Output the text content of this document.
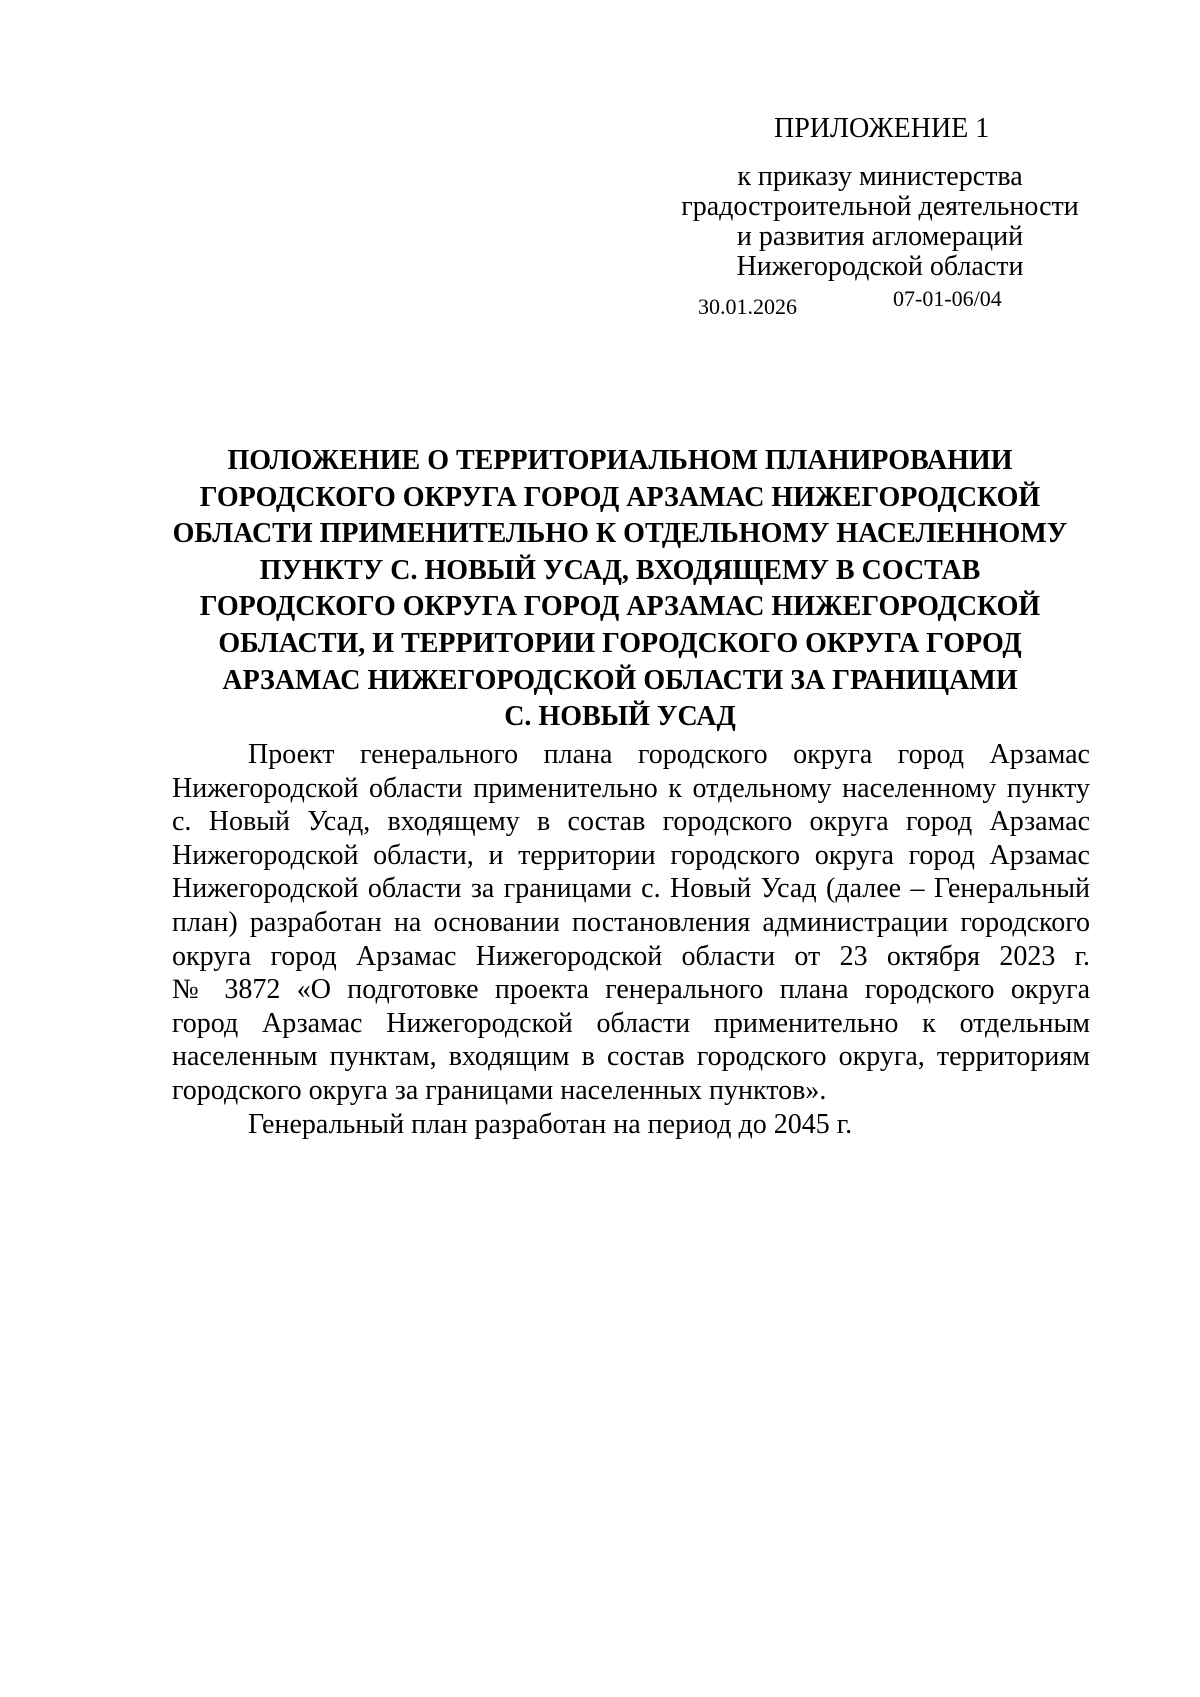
ПРИЛОЖЕНИЕ 1
к приказу министерства
градостроительной деятельности
и развития агломераций
Нижегородской области
30.01.2026	07-01-06/04
ПОЛОЖЕНИЕ О ТЕРРИТОРИАЛЬНОМ ПЛАНИРОВАНИИ
ГОРОДСКОГО ОКРУГА ГОРОД АРЗАМАС НИЖЕГОРОДСКОЙ
ОБЛАСТИ ПРИМЕНИТЕЛЬНО К ОТДЕЛЬНОМУ НАСЕЛЕННОМУ
ПУНКТУ С. НОВЫЙ УСАД, ВХОДЯЩЕМУ В СОСТАВ
ГОРОДСКОГО ОКРУГА ГОРОД АРЗАМАС НИЖЕГОРОДСКОЙ
ОБЛАСТИ, И ТЕРРИТОРИИ ГОРОДСКОГО ОКРУГА ГОРОД
АРЗАМАС НИЖЕГОРОДСКОЙ ОБЛАСТИ ЗА ГРАНИЦАМИ
С. НОВЫЙ УСАД
Проект генерального плана городского округа город Арзамас
Нижегородской области применительно к отдельному населенному пункту
с. Новый Усад, входящему в состав городского округа город Арзамас
Нижегородской области, и территории городского округа город Арзамас
Нижегородской области за границами с. Новый Усад (далее – Генеральный
план) разработан на основании постановления администрации городского
округа город Арзамас Нижегородской области от 23 октября 2023 г.
№ 3872 «О подготовке проекта генерального плана городского округа
город Арзамас Нижегородской области применительно к отдельным
населенным пунктам, входящим в состав городского округа, территориям
городского округа за границами населенных пунктов».
Генеральный план разработан на период до 2045 г.
